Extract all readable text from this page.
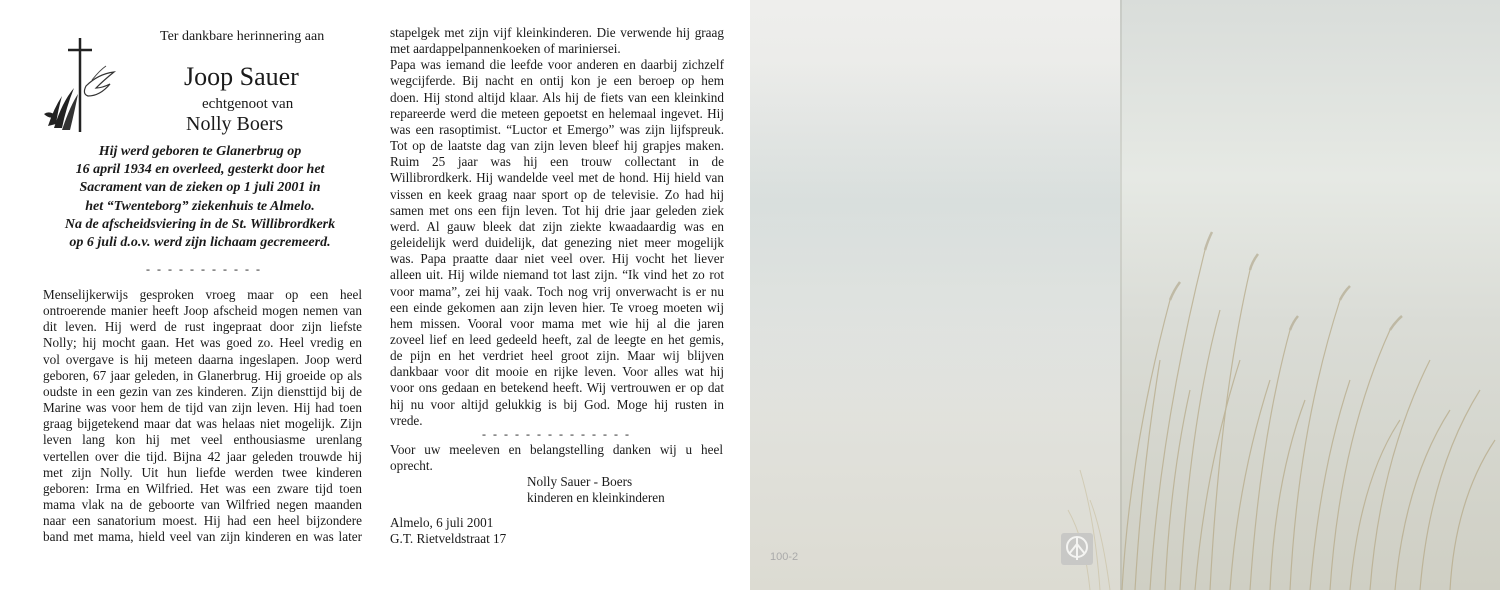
Ter dankbare herinnering aan
Joop Sauer
echtgenoot van
Nolly Boers
Hij werd geboren te Glanerbrug op
16 april 1934 en overleed, gesterkt door het
Sacrament van de zieken op 1 juli 2001 in
het “Twenteborg” ziekenhuis te Almelo.
Na de afscheidsviering in de St. Willibrordkerk
op 6 juli d.o.v. werd zijn lichaam gecremeerd.
- - - - - - - - - - -
Menselijkerwijs gesproken vroeg maar op een heel
ontroerende manier heeft Joop afscheid mogen nemen van
dit leven. Hij werd de rust ingepraat door zijn liefste
Nolly; hij mocht gaan. Het was goed zo. Heel vredig en
vol overgave is hij meteen daarna ingeslapen. Joop werd
geboren, 67 jaar geleden, in Glanerbrug. Hij groeide op als
oudste in een gezin van zes kinderen. Zijn diensttijd bij de
Marine was voor hem de tijd van zijn leven. Hij had toen
graag bijgetekend maar dat was helaas niet mogelijk. Zijn
leven lang kon hij met veel enthousiasme urenlang
vertellen over die tijd. Bijna 42 jaar geleden trouwde hij
met zijn Nolly. Uit hun liefde werden twee kinderen
geboren: Irma en Wilfried. Het was een zware tijd toen
mama vlak na de geboorte van Wilfried negen maanden
naar een sanatorium moest. Hij had een heel bijzondere
band met mama, hield veel van zijn kinderen en was later
stapelgek met zijn vijf kleinkinderen. Die verwende hij graag
met aardappelpannenkoeken of mariniersei.
Papa was iemand die leefde voor anderen en daarbij zichzelf
wegcijferde. Bij nacht en ontij kon je een beroep op hem
doen. Hij stond altijd klaar. Als hij de fiets van een kleinkind
repareerde werd die meteen gepoetst en helemaal ingevet. Hij
was een rasoptimist. “Luctor et Emergo” was zijn lijfspreuk.
Tot op de laatste dag van zijn leven bleef hij grapjes maken.
Ruim 25 jaar was hij een trouw collectant in de
Willibrordkerk. Hij wandelde veel met de hond. Hij hield van
vissen en keek graag naar sport op de televisie. Zo had hij
samen met ons een fijn leven. Tot hij drie jaar geleden ziek
werd. Al gauw bleek dat zijn ziekte kwaadaardig was en
geleidelijk werd duidelijk, dat genezing niet meer mogelijk
was. Papa praatte daar niet veel over. Hij vocht het liever
alleen uit. Hij wilde niemand tot last zijn. “Ik vind het zo rot
voor mama”, zei hij vaak. Toch nog vrij onverwacht is er nu
een einde gekomen aan zijn leven hier. Te vroeg moeten wij
hem missen. Vooral voor mama met wie hij al die jaren
zoveel lief en leed gedeeld heeft, zal de leegte en het gemis,
de pijn en het verdriet heel groot zijn. Maar wij blijven
dankbaar voor dit mooie en rijke leven. Voor alles wat hij
voor ons gedaan en betekend heeft. Wij vertrouwen er op dat
hij nu voor altijd gelukkig is bij God. Moge hij rusten in
vrede.
- - - - - - - - - - - - - -
Voor uw meeleven en belangstelling danken wij u heel
oprecht.
Nolly Sauer - Boers
kinderen en kleinkinderen
Almelo, 6 juli 2001
G.T. Rietveldstraat 17
100-2
